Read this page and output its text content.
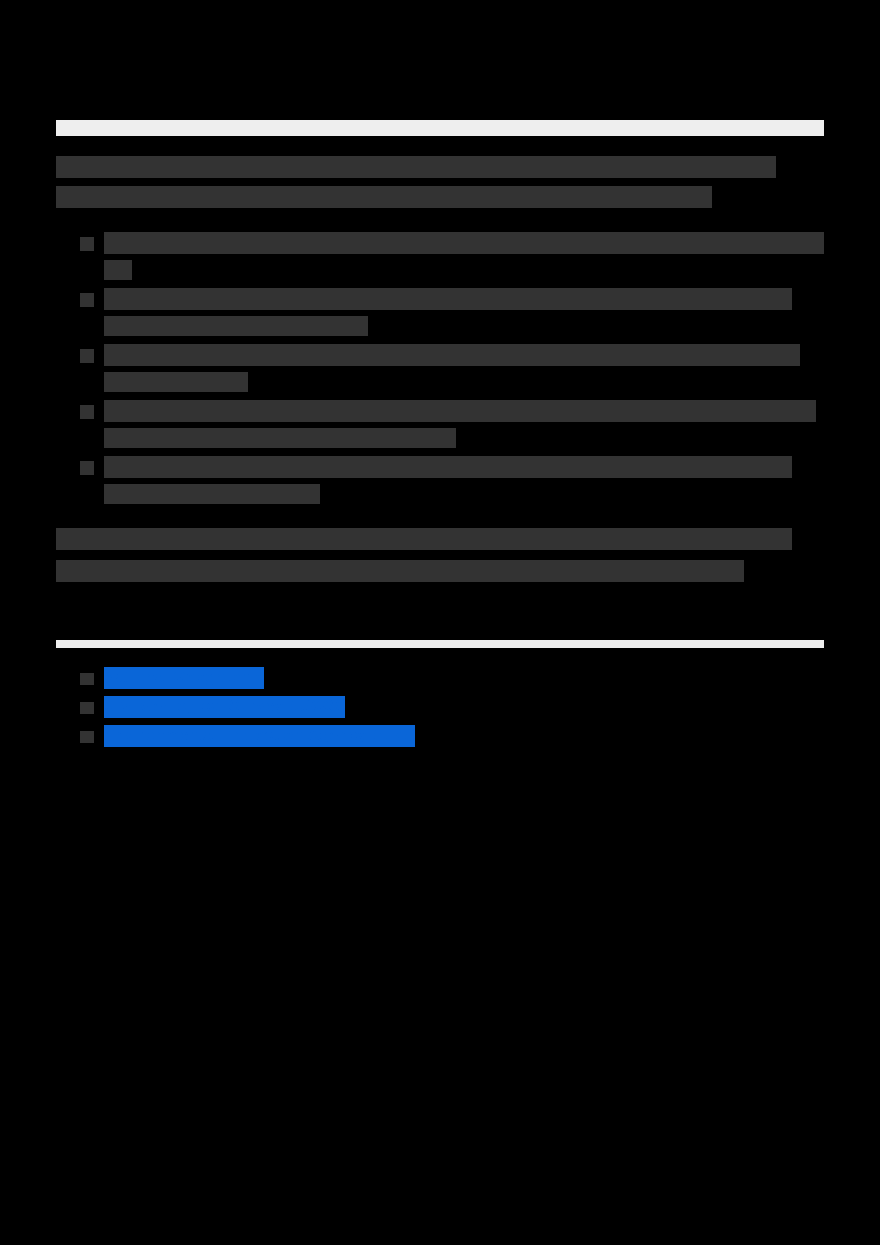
National Geographic
U.S. Geological Survey (USGS)
Environmental Protection Agency (EPA)
